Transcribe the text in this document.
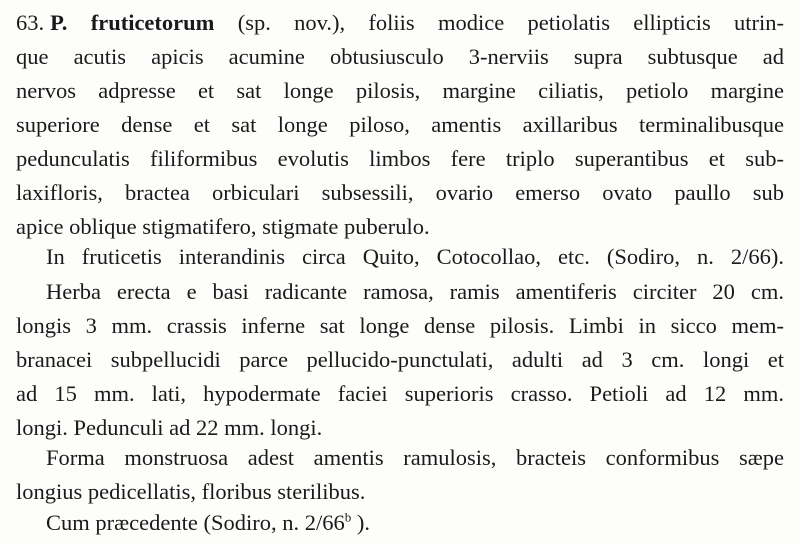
63. P. fruticetorum (sp. nov.), foliis modice petiolatis ellipticis utrin-
que acutis apicis acumine obtusiusculo 3-nerviis supra subtusque ad
nervos adpresse et sat longe pilosis, margine ciliatis, petiolo margine
superiore dense et sat longe piloso, amentis axillaribus terminalibusque
pedunculatis filiformibus evolutis limbos fere triplo superantibus et sub-
laxifloris, bractea orbiculari subsessili, ovario emerso ovato paullo sub
apice oblique stigmatifero, stigmate puberulo.
In fruticetis interandinis circa Quito, Cotocollao, etc. (Sodiro, n. 2/66).
Herba erecta e basi radicante ramosa, ramis amentiferis circiter 20 cm.
longis 3 mm. crassis inferne sat longe dense pilosis. Limbi in sicco mem-
branacei subpellucidi parce pellucido-punctulati, adulti ad 3 cm. longi et
ad 15 mm. lati, hypodermate faciei superioris crasso. Petioli ad 12 mm.
longi. Pedunculi ad 22 mm. longi.
Forma monstruosa adest amentis ramulosis, bracteis conformibus sæpe
longius pedicellatis, floribus sterilibus.
Cum præcedente (Sodiro, n. 2/66$^b$ ).
